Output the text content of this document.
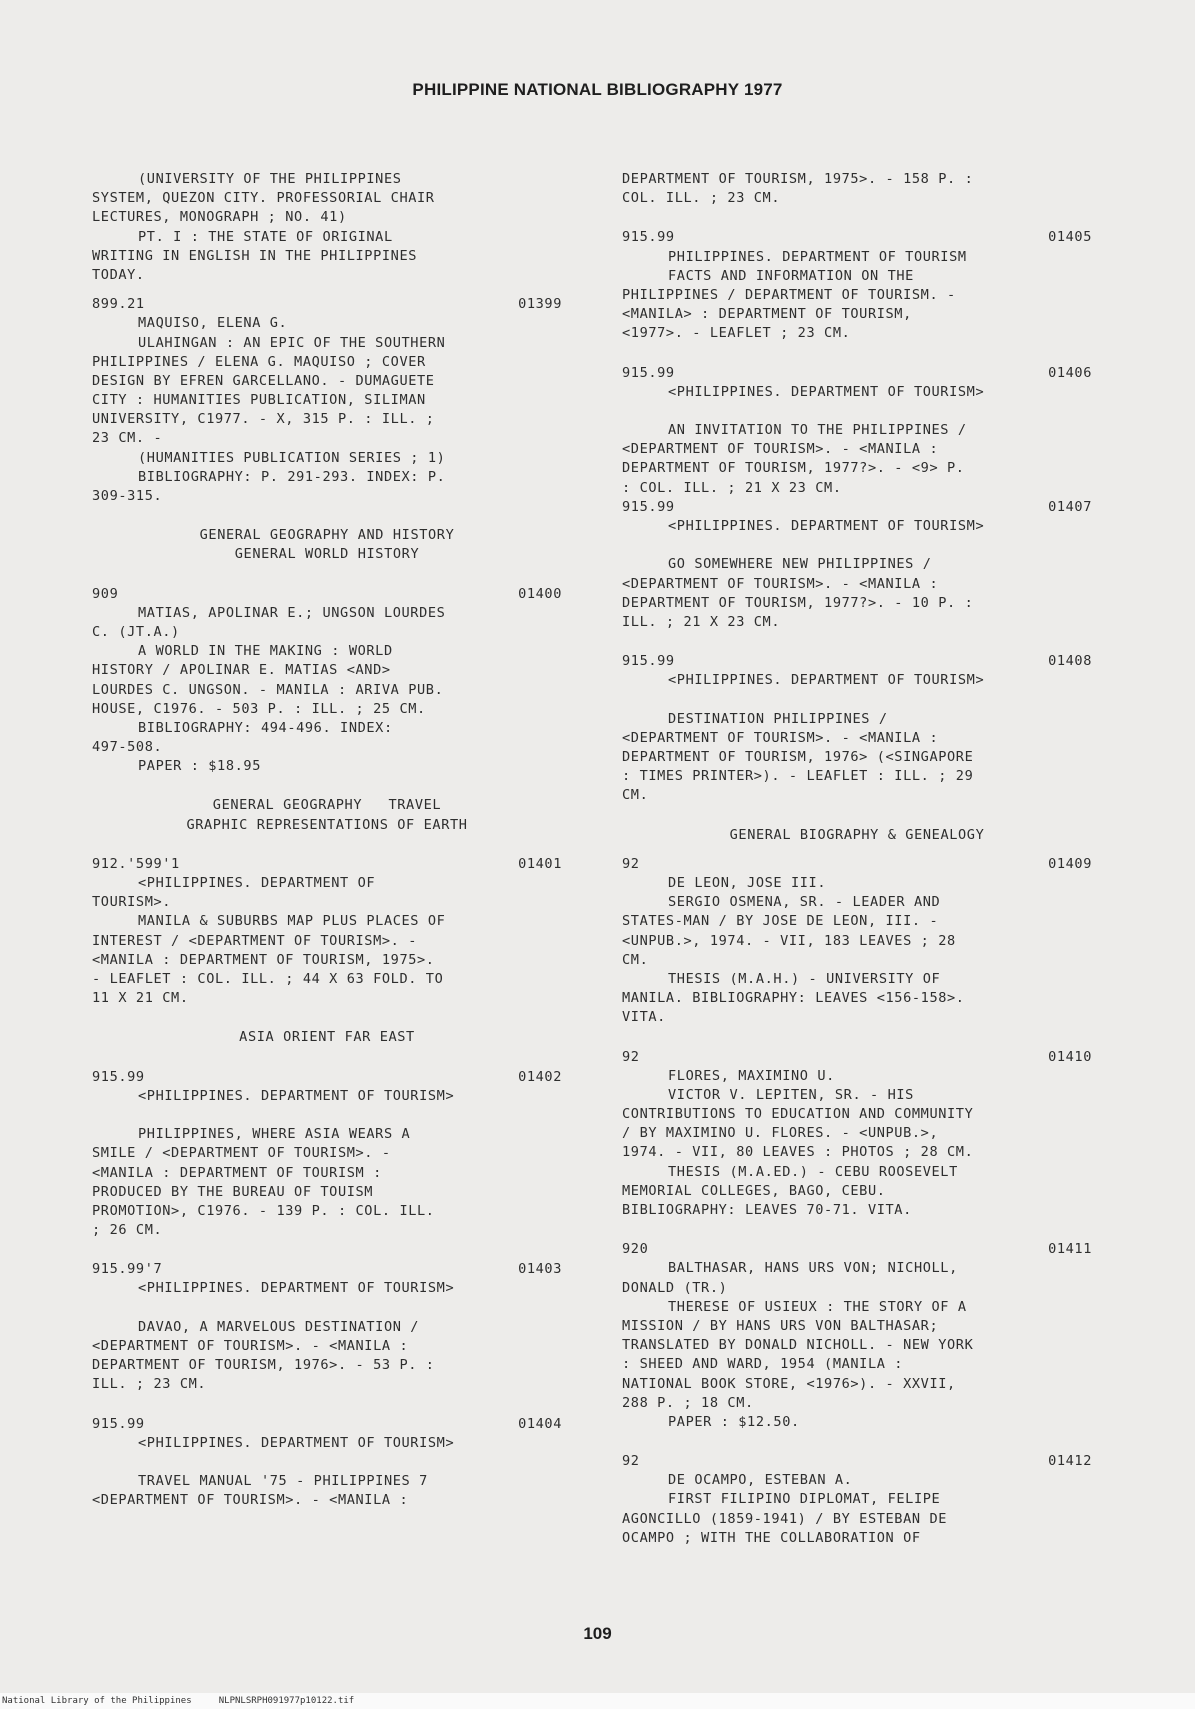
PHILIPPINE NATIONAL BIBLIOGRAPHY 1977
(UNIVERSITY OF THE PHILIPPINES
SYSTEM, QUEZON CITY. PROFESSORIAL CHAIR
LECTURES, MONOGRAPH ; NO. 41)
PT. I : THE STATE OF ORIGINAL
WRITING IN ENGLISH IN THE PHILIPPINES
TODAY.
899.21	01399
MAQUISO, ELENA G.
ULAHINGAN : AN EPIC OF THE SOUTHERN
PHILIPPINES / ELENA G. MAQUISO ; COVER
DESIGN BY EFREN GARCELLANO. - DUMAGUETE
CITY : HUMANITIES PUBLICATION, SILIMAN
UNIVERSITY, C1977. - X, 315 P. : ILL. ;
23 CM. -
(HUMANITIES PUBLICATION SERIES ; 1)
BIBLIOGRAPHY: P. 291-293. INDEX: P.
309-315.
GENERAL GEOGRAPHY AND HISTORY
GENERAL WORLD HISTORY
909	01400
MATIAS, APOLINAR E.; UNGSON LOURDES
C. (JT.A.)
A WORLD IN THE MAKING : WORLD
HISTORY / APOLINAR E. MATIAS <AND>
LOURDES C. UNGSON. - MANILA : ARIVA PUB.
HOUSE, C1976. - 503 P. : ILL. ; 25 CM.
BIBLIOGRAPHY: 494-496. INDEX:
497-508.
PAPER : $18.95
GENERAL GEOGRAPHY   TRAVEL
GRAPHIC REPRESENTATIONS OF EARTH
912.'599'1	01401
<PHILIPPINES. DEPARTMENT OF
TOURISM>.
MANILA & SUBURBS MAP PLUS PLACES OF
INTEREST / <DEPARTMENT OF TOURISM>. -
<MANILA : DEPARTMENT OF TOURISM, 1975>.
- LEAFLET : COL. ILL. ; 44 X 63 FOLD. TO
11 X 21 CM.
ASIA ORIENT FAR EAST
915.99	01402
<PHILIPPINES. DEPARTMENT OF TOURISM>
PHILIPPINES, WHERE ASIA WEARS A
SMILE / <DEPARTMENT OF TOURISM>. -
<MANILA : DEPARTMENT OF TOURISM :
PRODUCED BY THE BUREAU OF TOUISM
PROMOTION>, C1976. - 139 P. : COL. ILL.
; 26 CM.
915.99'7	01403
<PHILIPPINES. DEPARTMENT OF TOURISM>
DAVAO, A MARVELOUS DESTINATION /
<DEPARTMENT OF TOURISM>. - <MANILA :
DEPARTMENT OF TOURISM, 1976>. - 53 P. :
ILL. ; 23 CM.
915.99	01404
<PHILIPPINES. DEPARTMENT OF TOURISM>
TRAVEL MANUAL '75 - PHILIPPINES 7
<DEPARTMENT OF TOURISM>. - <MANILA :
DEPARTMENT OF TOURISM, 1975>. - 158 P. :
COL. ILL. ; 23 CM.
915.99	01405
PHILIPPINES. DEPARTMENT OF TOURISM
FACTS AND INFORMATION ON THE
PHILIPPINES / DEPARTMENT OF TOURISM. -
<MANILA> : DEPARTMENT OF TOURISM,
<1977>. - LEAFLET ; 23 CM.
915.99	01406
<PHILIPPINES. DEPARTMENT OF TOURISM>
AN INVITATION TO THE PHILIPPINES /
<DEPARTMENT OF TOURISM>. - <MANILA :
DEPARTMENT OF TOURISM, 1977?>. - <9> P.
: COL. ILL. ; 21 X 23 CM.
915.99	01407
<PHILIPPINES. DEPARTMENT OF TOURISM>
GO SOMEWHERE NEW PHILIPPINES /
<DEPARTMENT OF TOURISM>. - <MANILA :
DEPARTMENT OF TOURISM, 1977?>. - 10 P. :
ILL. ; 21 X 23 CM.
915.99	01408
<PHILIPPINES. DEPARTMENT OF TOURISM>
DESTINATION PHILIPPINES /
<DEPARTMENT OF TOURISM>. - <MANILA :
DEPARTMENT OF TOURISM, 1976> (<SINGAPORE
: TIMES PRINTER>). - LEAFLET : ILL. ; 29
CM.
GENERAL BIOGRAPHY & GENEALOGY
92	01409
DE LEON, JOSE III.
SERGIO OSMENA, SR. - LEADER AND
STATES-MAN / BY JOSE DE LEON, III. -
<UNPUB.>, 1974. - VII, 183 LEAVES ; 28
CM.
THESIS (M.A.H.) - UNIVERSITY OF
MANILA. BIBLIOGRAPHY: LEAVES <156-158>.
VITA.
92	01410
FLORES, MAXIMINO U.
VICTOR V. LEPITEN, SR. - HIS
CONTRIBUTIONS TO EDUCATION AND COMMUNITY
/ BY MAXIMINO U. FLORES. - <UNPUB.>,
1974. - VII, 80 LEAVES : PHOTOS ; 28 CM.
THESIS (M.A.ED.) - CEBU ROOSEVELT
MEMORIAL COLLEGES, BAGO, CEBU.
BIBLIOGRAPHY: LEAVES 70-71. VITA.
920	01411
BALTHASAR, HANS URS VON; NICHOLL,
DONALD (TR.)
THERESE OF USIEUX : THE STORY OF A
MISSION / BY HANS URS VON BALTHASAR;
TRANSLATED BY DONALD NICHOLL. - NEW YORK
: SHEED AND WARD, 1954 (MANILA :
NATIONAL BOOK STORE, <1976>). - XXVII,
288 P. ; 18 CM.
PAPER : $12.50.
92	01412
DE OCAMPO, ESTEBAN A.
FIRST FILIPINO DIPLOMAT, FELIPE
AGONCILLO (1859-1941) / BY ESTEBAN DE
OCAMPO ; WITH THE COLLABORATION OF
109
National Library of the Philippines     NLPNLSRPH091977p10122.tif
